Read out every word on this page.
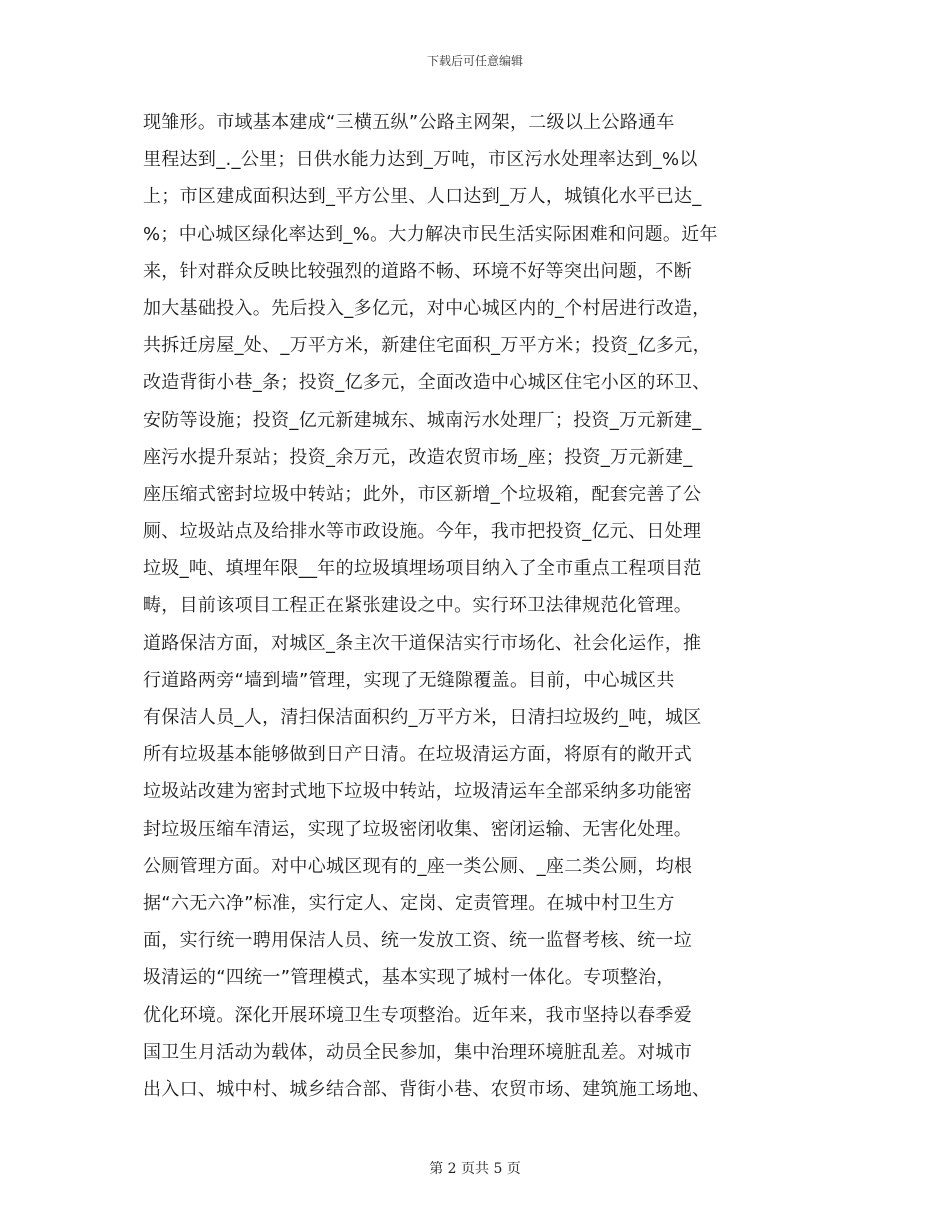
下载后可任意编辑
现雏形。市域基本建成“三横五纵”公路主网架，二级以上公路通车
里程达到_._公里；日供水能力达到_万吨，市区污水处理率达到_%以
上；市区建成面积达到_平方公里、人口达到_万人，城镇化水平已达_
%；中心城区绿化率达到_%。大力解决市民生活实际困难和问题。近年
来，针对群众反映比较强烈的道路不畅、环境不好等突出问题，不断
加大基础投入。先后投入_多亿元，对中心城区内的_个村居进行改造，
共拆迁房屋_处、_万平方米，新建住宅面积_万平方米；投资_亿多元，
改造背街小巷_条；投资_亿多元，全面改造中心城区住宅小区的环卫、
安防等设施；投资_亿元新建城东、城南污水处理厂；投资_万元新建_
座污水提升泵站；投资_余万元，改造农贸市场_座；投资_万元新建_
座压缩式密封垃圾中转站；此外，市区新增_个垃圾箱，配套完善了公
厕、垃圾站点及给排水等市政设施。今年，我市把投资_亿元、日处理
垃圾_吨、填埋年限__年的垃圾填埋场项目纳入了全市重点工程项目范
畴，目前该项目工程正在紧张建设之中。实行环卫法律规范化管理。
道路保洁方面，对城区_条主次干道保洁实行市场化、社会化运作，推
行道路两旁“墙到墙”管理，实现了无缝隙覆盖。目前，中心城区共
有保洁人员_人，清扫保洁面积约_万平方米，日清扫垃圾约_吨，城区
所有垃圾基本能够做到日产日清。在垃圾清运方面，将原有的敞开式
垃圾站改建为密封式地下垃圾中转站，垃圾清运车全部采纳多功能密
封垃圾压缩车清运，实现了垃圾密闭收集、密闭运输、无害化处理。
公厕管理方面。对中心城区现有的_座一类公厕、_座二类公厕，均根
据“六无六净”标准，实行定人、定岗、定责管理。在城中村卫生方
面，实行统一聘用保洁人员、统一发放工资、统一监督考核、统一垃
圾清运的“四统一”管理模式，基本实现了城村一体化。专项整治，
优化环境。深化开展环境卫生专项整治。近年来，我市坚持以春季爱
国卫生月活动为载体，动员全民参加，集中治理环境脏乱差。对城市
出入口、城中村、城乡结合部、背街小巷、农贸市场、建筑施工场地、
第 2 页共 5 页
